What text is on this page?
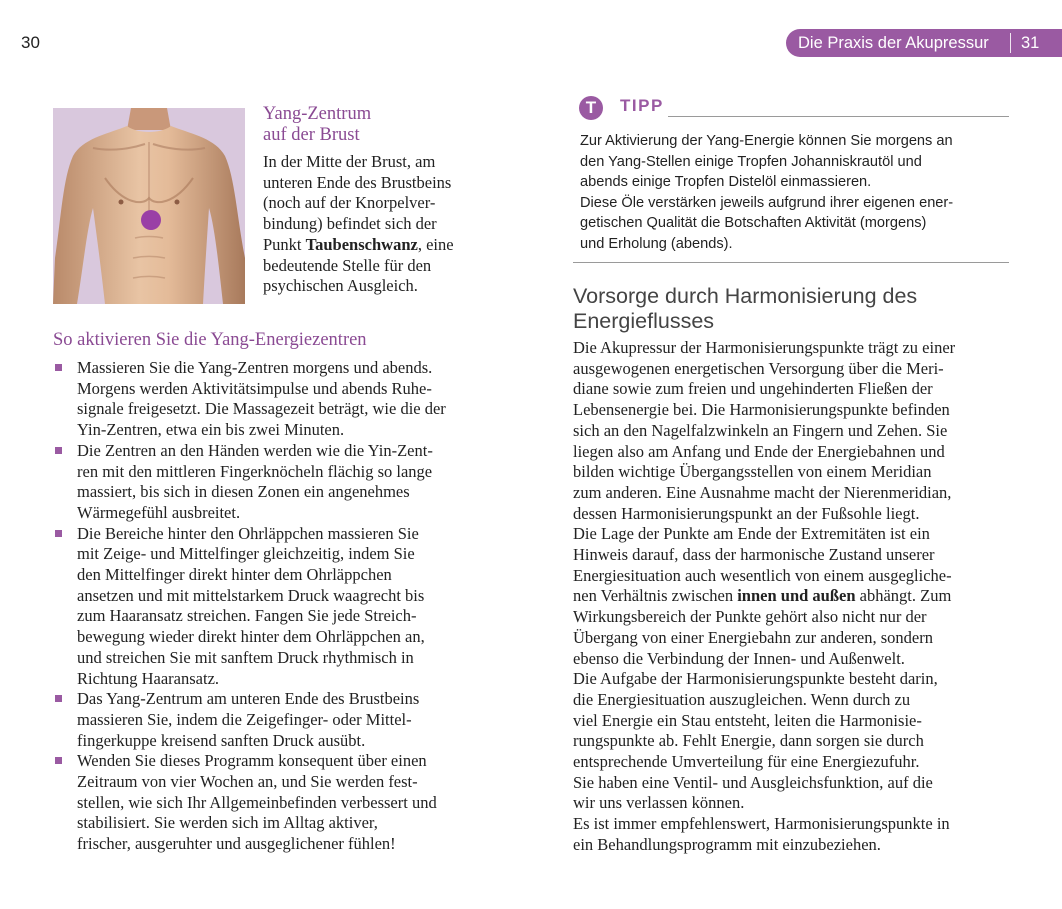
30	Die Praxis der Akupressur	31
Yang-Zentrum
auf der Brust
In der Mitte der Brust, am
unteren Ende des Brustbeins
(noch auf der Knorpelver-
bindung) befindet sich der
Punkt Taubenschwanz, eine
bedeutende Stelle für den
psychischen Ausgleich.
So aktivieren Sie die Yang-Energiezentren
Massieren Sie die Yang-Zentren morgens und abends.
Morgens werden Aktivitätsimpulse und abends Ruhe-
signale freigesetzt. Die Massagezeit beträgt, wie die der
Yin-Zentren, etwa ein bis zwei Minuten.
Die Zentren an den Händen werden wie die Yin-Zent-
ren mit den mittleren Fingerknöcheln flächig so lange
massiert, bis sich in diesen Zonen ein angenehmes
Wärmegefühl ausbreitet.
Die Bereiche hinter den Ohrläppchen massieren Sie
mit Zeige- und Mittelfinger gleichzeitig, indem Sie
den Mittelfinger direkt hinter dem Ohrläppchen
ansetzen und mit mittelstarkem Druck waagrecht bis
zum Haaransatz streichen. Fangen Sie jede Streich-
bewegung wieder direkt hinter dem Ohrläppchen an,
und streichen Sie mit sanftem Druck rhythmisch in
Richtung Haaransatz.
Das Yang-Zentrum am unteren Ende des Brustbeins
massieren Sie, indem die Zeigefinger- oder Mittel-
fingerkuppe kreisend sanften Druck ausübt.
Wenden Sie dieses Programm konsequent über einen
Zeitraum von vier Wochen an, und Sie werden fest-
stellen, wie sich Ihr Allgemeinbefinden verbessert und
stabilisiert. Sie werden sich im Alltag aktiver,
frischer, ausgeruhter und ausgeglichener fühlen!
T	TIPP
Zur Aktivierung der Yang-Energie können Sie morgens an
den Yang-Stellen einige Tropfen Johanniskrautöl und
abends einige Tropfen Distelöl einmassieren.
Diese Öle verstärken jeweils aufgrund ihrer eigenen ener-
getischen Qualität die Botschaften Aktivität (morgens)
und Erholung (abends).
Vorsorge durch Harmonisierung des
Energieflusses
Die Akupressur der Harmonisierungspunkte trägt zu einer
ausgewogenen energetischen Versorgung über die Meri-
diane sowie zum freien und ungehinderten Fließen der
Lebensenergie bei. Die Harmonisierungspunkte befinden
sich an den Nagelfalzwinkeln an Fingern und Zehen. Sie
liegen also am Anfang und Ende der Energiebahnen und
bilden wichtige Übergangsstellen von einem Meridian
zum anderen. Eine Ausnahme macht der Nierenmeridian,
dessen Harmonisierungspunkt an der Fußsohle liegt.
Die Lage der Punkte am Ende der Extremitäten ist ein
Hinweis darauf, dass der harmonische Zustand unserer
Energiesituation auch wesentlich von einem ausgegliche-
nen Verhältnis zwischen innen und außen abhängt. Zum
Wirkungsbereich der Punkte gehört also nicht nur der
Übergang von einer Energiebahn zur anderen, sondern
ebenso die Verbindung der Innen- und Außenwelt.
Die Aufgabe der Harmonisierungspunkte besteht darin,
die Energiesituation auszugleichen. Wenn durch zu
viel Energie ein Stau entsteht, leiten die Harmonisie-
rungspunkte ab. Fehlt Energie, dann sorgen sie durch
entsprechende Umverteilung für eine Energiezufuhr.
Sie haben eine Ventil- und Ausgleichsfunktion, auf die
wir uns verlassen können.
Es ist immer empfehlenswert, Harmonisierungspunkte in
ein Behandlungsprogramm mit einzubeziehen.
